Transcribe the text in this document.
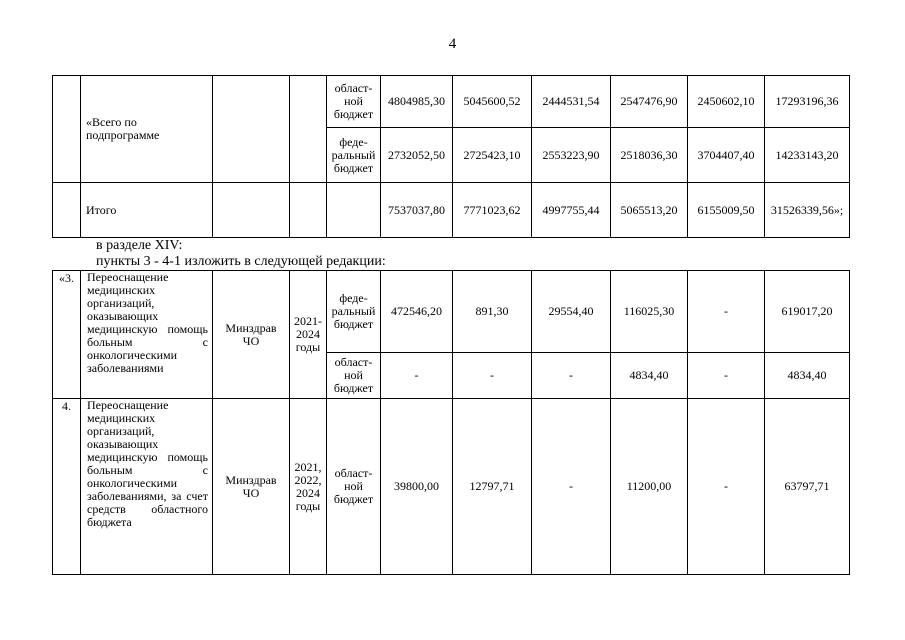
4
	«Всего по подпрограмме			област-
ной
бюджет	4804985,30	5045600,52	2444531,54	2547476,90	2450602,10	17293196,36
				феде-
ральный
бюджет	2732052,50	2725423,10	2553223,90	2518036,30	3704407,40	14233143,20
	Итого				7537037,80	7771023,62	4997755,44	5065513,20	6155009,50	31526339,56»;
в разделе XIV:
пункты 3 - 4-1 изложить в следующей редакции:
«3.	Переоснащение медицинских организаций, оказывающих медицинскую помощь больным с онкологическими заболеваниями	Минздрав
ЧО	2021-
2024
годы	феде-
ральный
бюджет	472546,20	891,30	29554,40	116025,30	-	619017,20
				област-
ной
бюджет	-	-	-	4834,40	-	4834,40
4.	Переоснащение медицинских организаций, оказывающих медицинскую помощь больным с онкологическими заболеваниями, за счет средств областного бюджета	Минздрав
ЧО	2021,
2022,
2024
годы	област-
ной
бюджет	39800,00	12797,71	-	11200,00	-	63797,71
